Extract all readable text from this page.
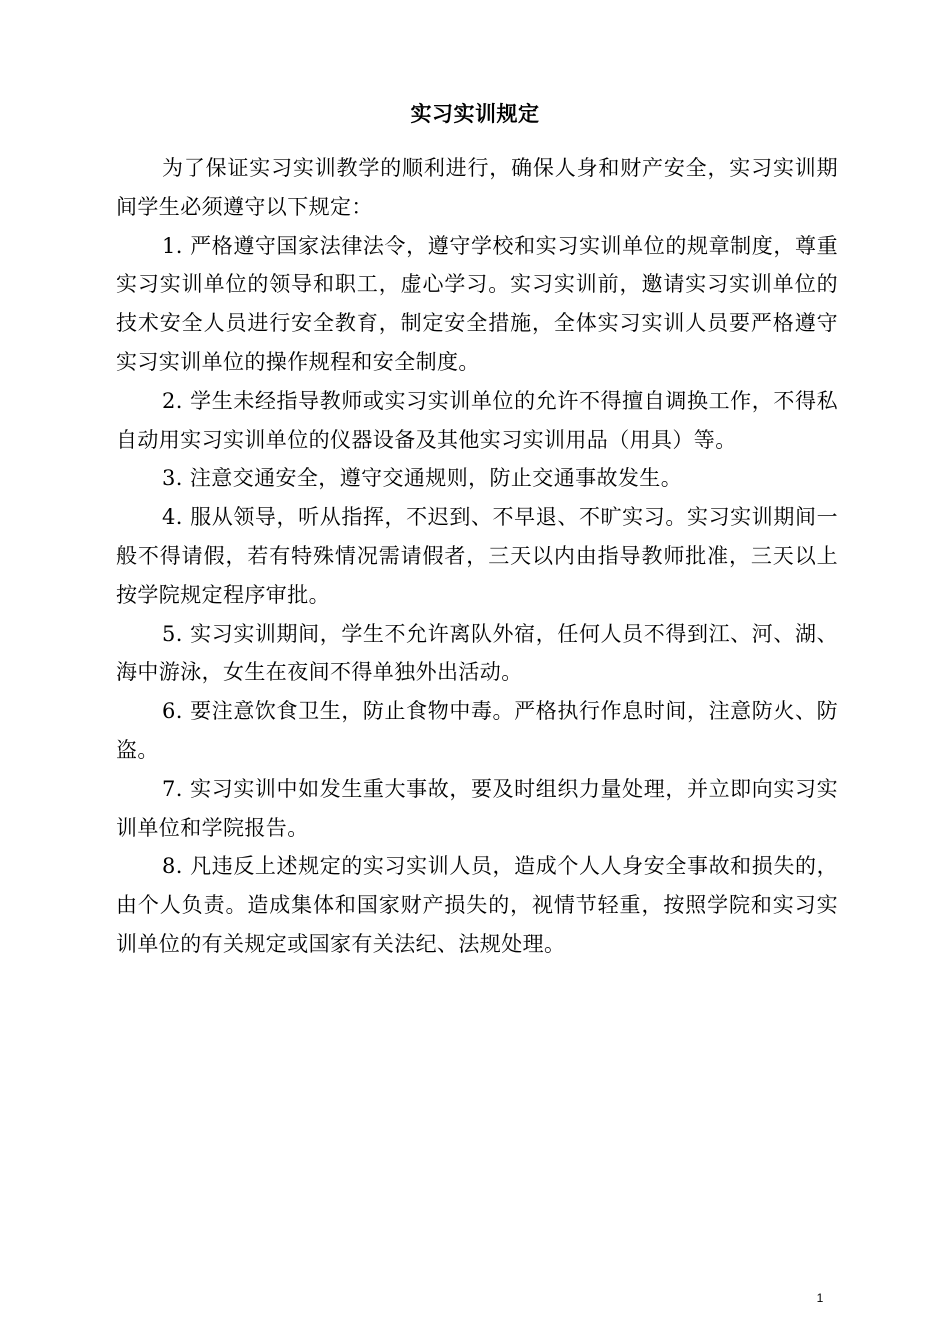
实习实训规定

为了保证实习实训教学的顺利进行，确保人身和财产安全，实习实训期间学生必须遵守以下规定：

1. 严格遵守国家法律法令，遵守学校和实习实训单位的规章制度，尊重实习实训单位的领导和职工，虚心学习。实习实训前，邀请实习实训单位的技术安全人员进行安全教育，制定安全措施，全体实习实训人员要严格遵守实习实训单位的操作规程和安全制度。

2. 学生未经指导教师或实习实训单位的允许不得擅自调换工作，不得私自动用实习实训单位的仪器设备及其他实习实训用品（用具）等。

3. 注意交通安全，遵守交通规则，防止交通事故发生。

4. 服从领导，听从指挥，不迟到、不早退、不旷实习。实习实训期间一般不得请假，若有特殊情况需请假者，三天以内由指导教师批准，三天以上按学院规定程序审批。

5. 实习实训期间，学生不允许离队外宿，任何人员不得到江、河、湖、海中游泳，女生在夜间不得单独外出活动。

6. 要注意饮食卫生，防止食物中毒。严格执行作息时间，注意防火、防盗。

7. 实习实训中如发生重大事故，要及时组织力量处理，并立即向实习实训单位和学院报告。

8. 凡违反上述规定的实习实训人员，造成个人人身安全事故和损失的，由个人负责。造成集体和国家财产损失的，视情节轻重，按照学院和实习实训单位的有关规定或国家有关法纪、法规处理。

1
